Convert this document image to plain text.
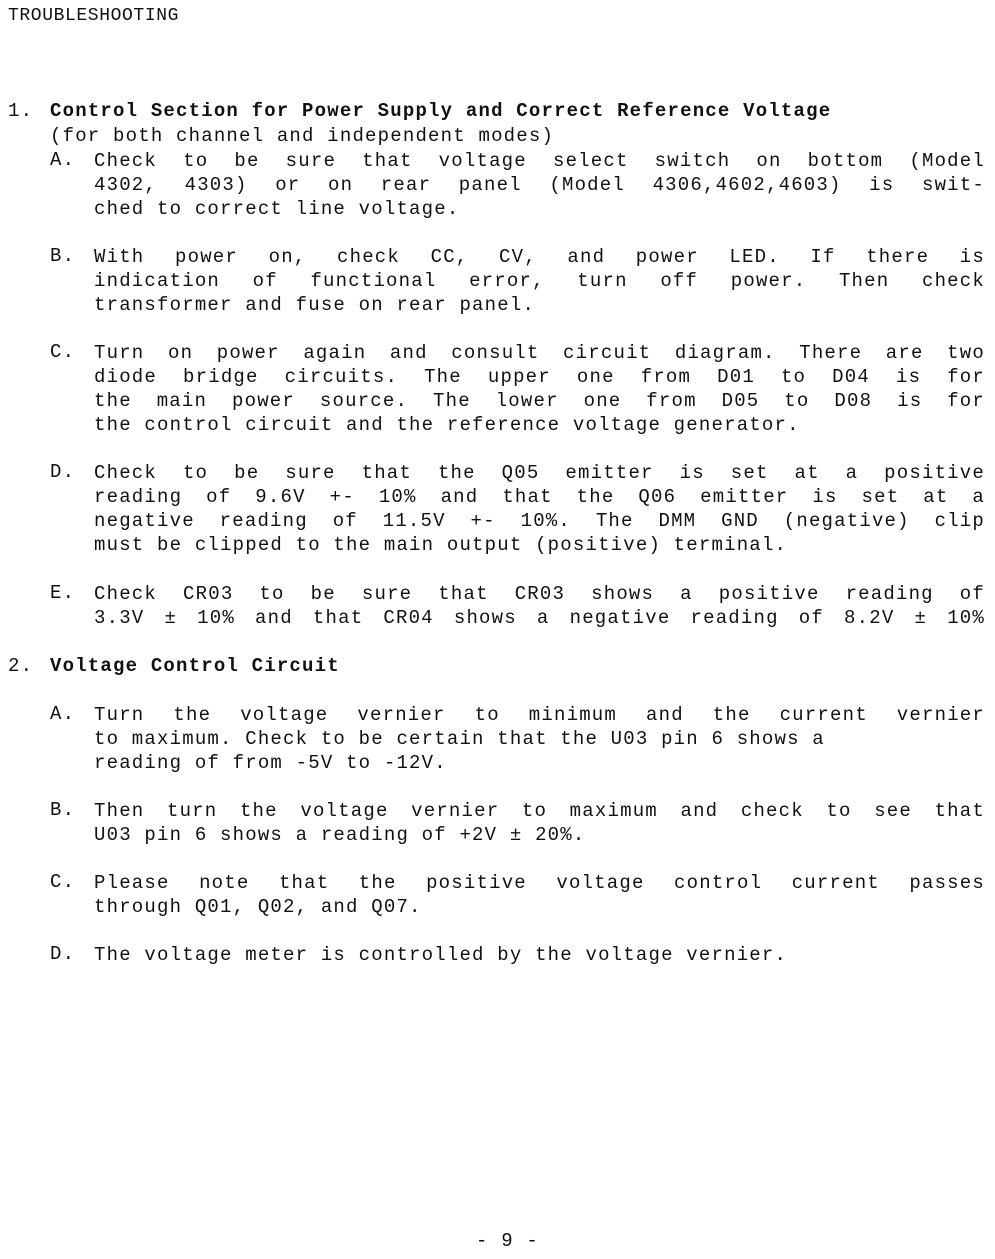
TROUBLESHOOTING
1. Control Section for Power Supply and Correct Reference Voltage
(for both channel and independent modes)
A. Check to be sure that voltage select switch on bottom (Model
4302, 4303) or on rear panel (Model 4306,4602,4603) is swit-
ched to correct line voltage.
B. With power on, check CC, CV, and power LED. If there is
indication of functional error, turn off power. Then check
transformer and fuse on rear panel.
C. Turn on power again and consult circuit diagram. There are two
diode bridge circuits. The upper one from D01 to D04 is for
the main power source. The lower one from D05 to D08 is for
the control circuit and the reference voltage generator.
D. Check to be sure that the Q05 emitter is set at a positive
reading of 9.6V +- 10% and that the Q06 emitter is set at a
negative reading of 11.5V +- 10%. The DMM GND (negative) clip
must be clipped to the main output (positive) terminal.
E. Check CR03 to be sure that CR03 shows a positive reading of
3.3V ± 10% and that CR04 shows a negative reading of 8.2V ± 10%
2. Voltage Control Circuit
A. Turn the voltage vernier to minimum and the current vernier
to maximum. Check to be certain that the U03 pin 6 shows a
reading of from -5V to -12V.
B. Then turn the voltage vernier to maximum and check to see that
U03 pin 6 shows a reading of +2V ± 20%.
C. Please note that the positive voltage control current passes
through Q01, Q02, and Q07.
D. The voltage meter is controlled by the voltage vernier.
- 9 -
